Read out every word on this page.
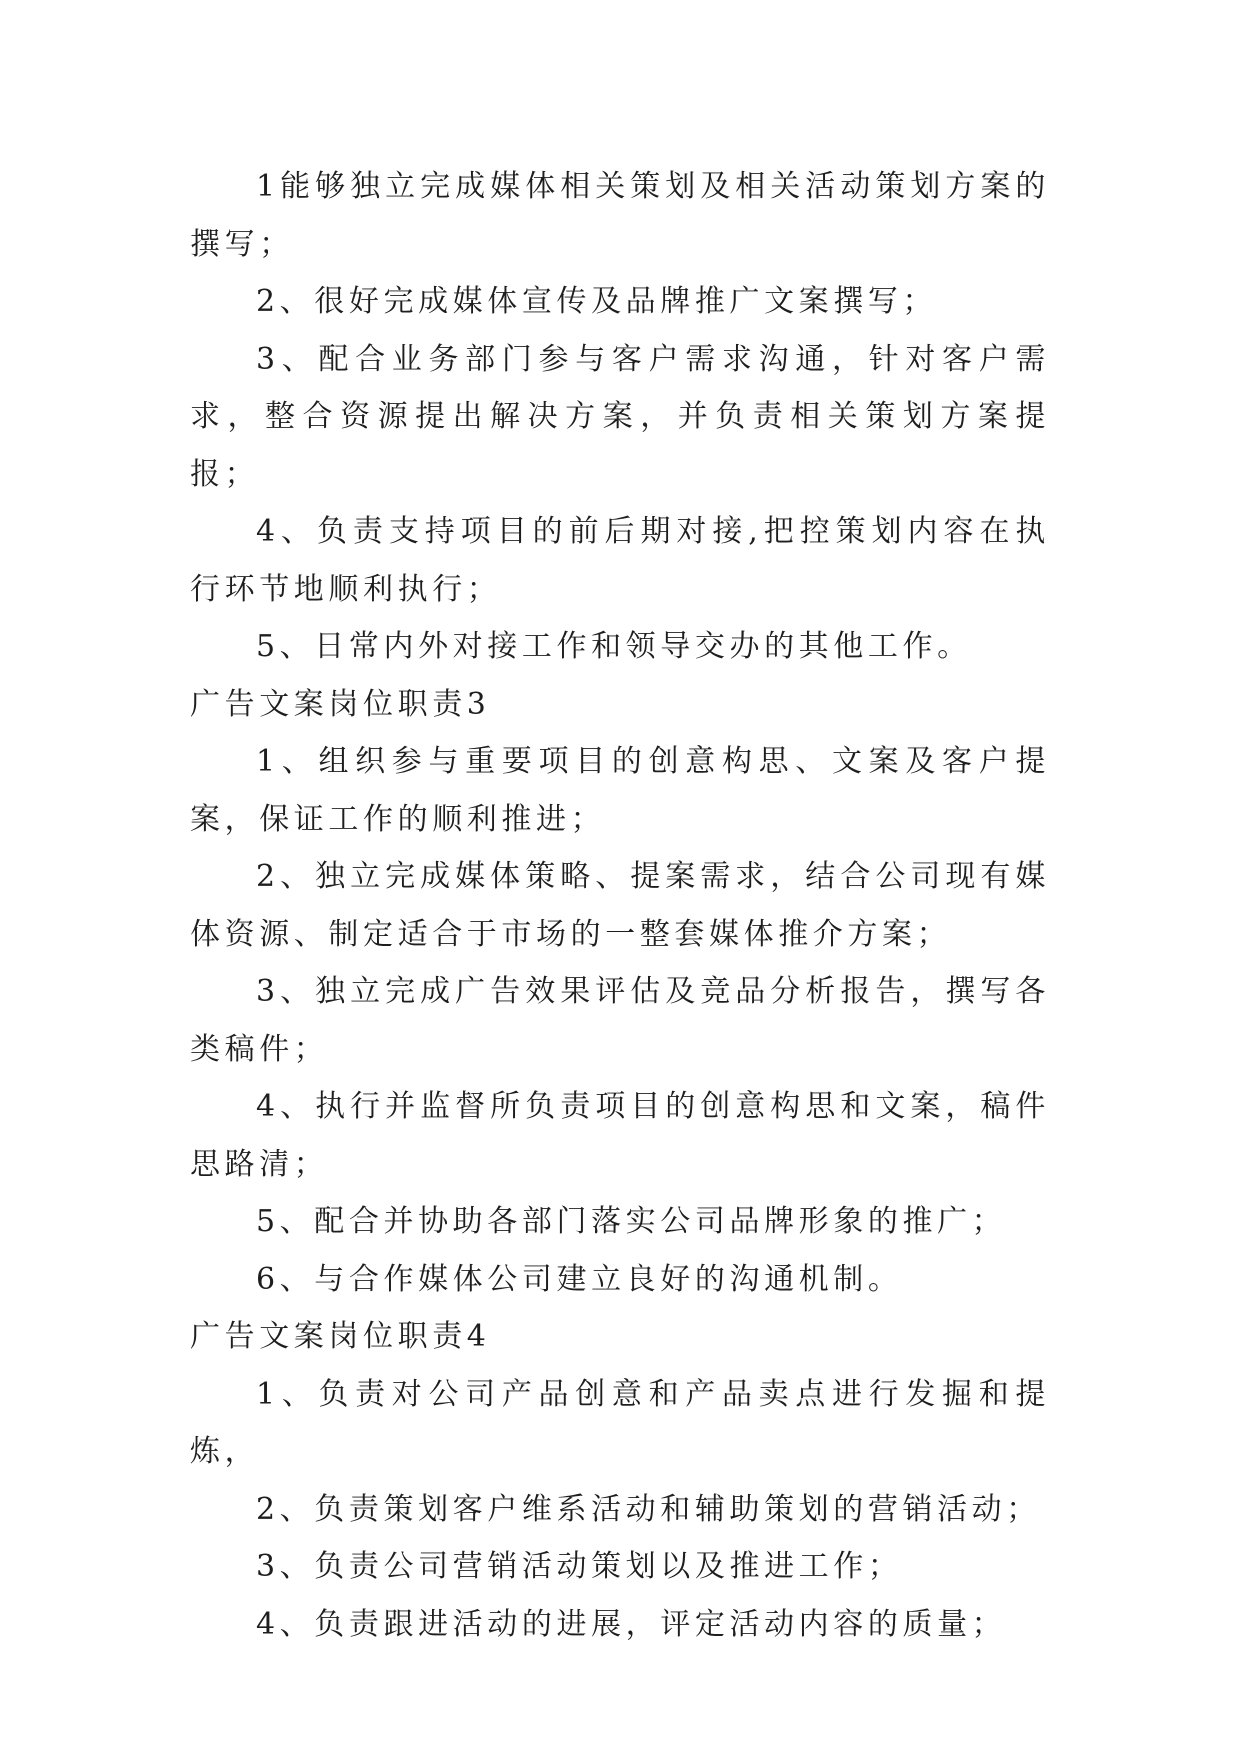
1能够独立完成媒体相关策划及相关活动策划方案的撰写；

2、很好完成媒体宣传及品牌推广文案撰写；

3、配合业务部门参与客户需求沟通，针对客户需求，整合资源提出解决方案，并负责相关策划方案提报；

4、负责支持项目的前后期对接,把控策划内容在执行环节地顺利执行；

5、日常内外对接工作和领导交办的其他工作。

广告文案岗位职责3

1、组织参与重要项目的创意构思、文案及客户提案，保证工作的顺利推进；

2、独立完成媒体策略、提案需求，结合公司现有媒体资源、制定适合于市场的一整套媒体推介方案；

3、独立完成广告效果评估及竞品分析报告，撰写各类稿件；

4、执行并监督所负责项目的创意构思和文案，稿件思路清；

5、配合并协助各部门落实公司品牌形象的推广；

6、与合作媒体公司建立良好的沟通机制。

广告文案岗位职责4

1、负责对公司产品创意和产品卖点进行发掘和提炼，

2、负责策划客户维系活动和辅助策划的营销活动；

3、负责公司营销活动策划以及推进工作；

4、负责跟进活动的进展，评定活动内容的质量；
